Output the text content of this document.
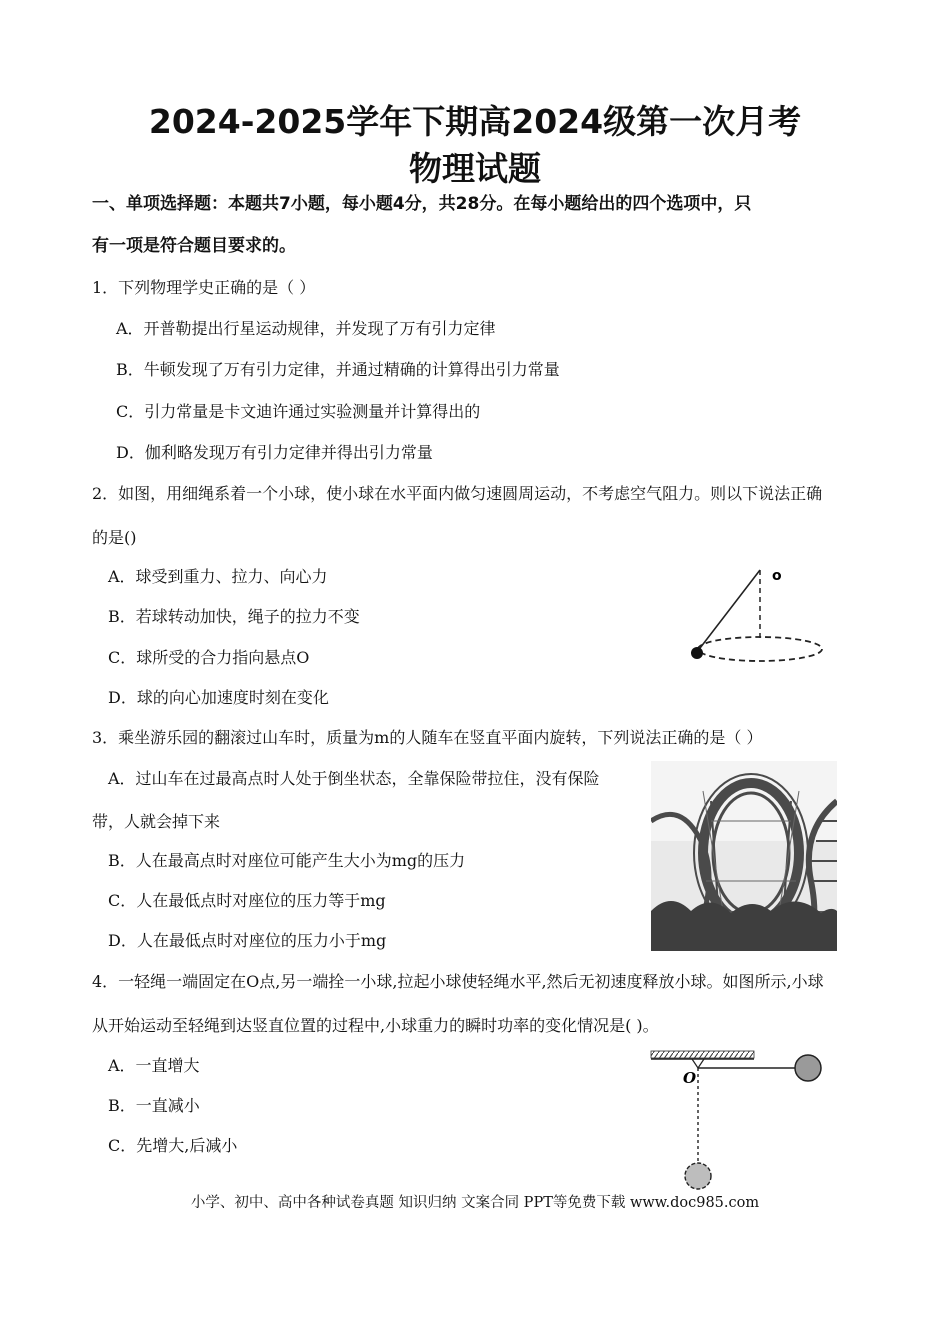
2024-2025学年下期高2024级第一次月考
物理试题
一、单项选择题：本题共7小题，每小题4分，共28分。在每小题给出的四个选项中，只
有一项是符合题目要求的。
1．下列物理学史正确的是（ ）
A．开普勒提出行星运动规律，并发现了万有引力定律
B．牛顿发现了万有引力定律，并通过精确的计算得出引力常量
C．引力常量是卡文迪许通过实验测量并计算得出的
D．伽利略发现万有引力定律并得出引力常量
2．如图，用细绳系着一个小球，使小球在水平面内做匀速圆周运动，不考虑空气阻力。则以下说法正确
的是()
A．球受到重力、拉力、向心力
B．若球转动加快，绳子的拉力不变
C．球所受的合力指向悬点O
D．球的向心加速度时刻在变化
o
3．乘坐游乐园的翻滚过山车时，质量为m的人随车在竖直平面内旋转，下列说法正确的是（ ）
A．过山车在过最高点时人处于倒坐状态，全靠保险带拉住，没有保险
带，人就会掉下来
B．人在最高点时对座位可能产生大小为mg的压力
C．人在最低点时对座位的压力等于mg
D．人在最低点时对座位的压力小于mg
4．一轻绳一端固定在O点,另一端拴一小球,拉起小球使轻绳水平,然后无初速度释放小球。如图所示,小球
从开始运动至轻绳到达竖直位置的过程中,小球重力的瞬时功率的变化情况是( )。
A．一直增大
B．一直减小
C．先增大,后减小
O
小学、初中、高中各种试卷真题 知识归纳 文案合同 PPT等免费下载 www.doc985.com
